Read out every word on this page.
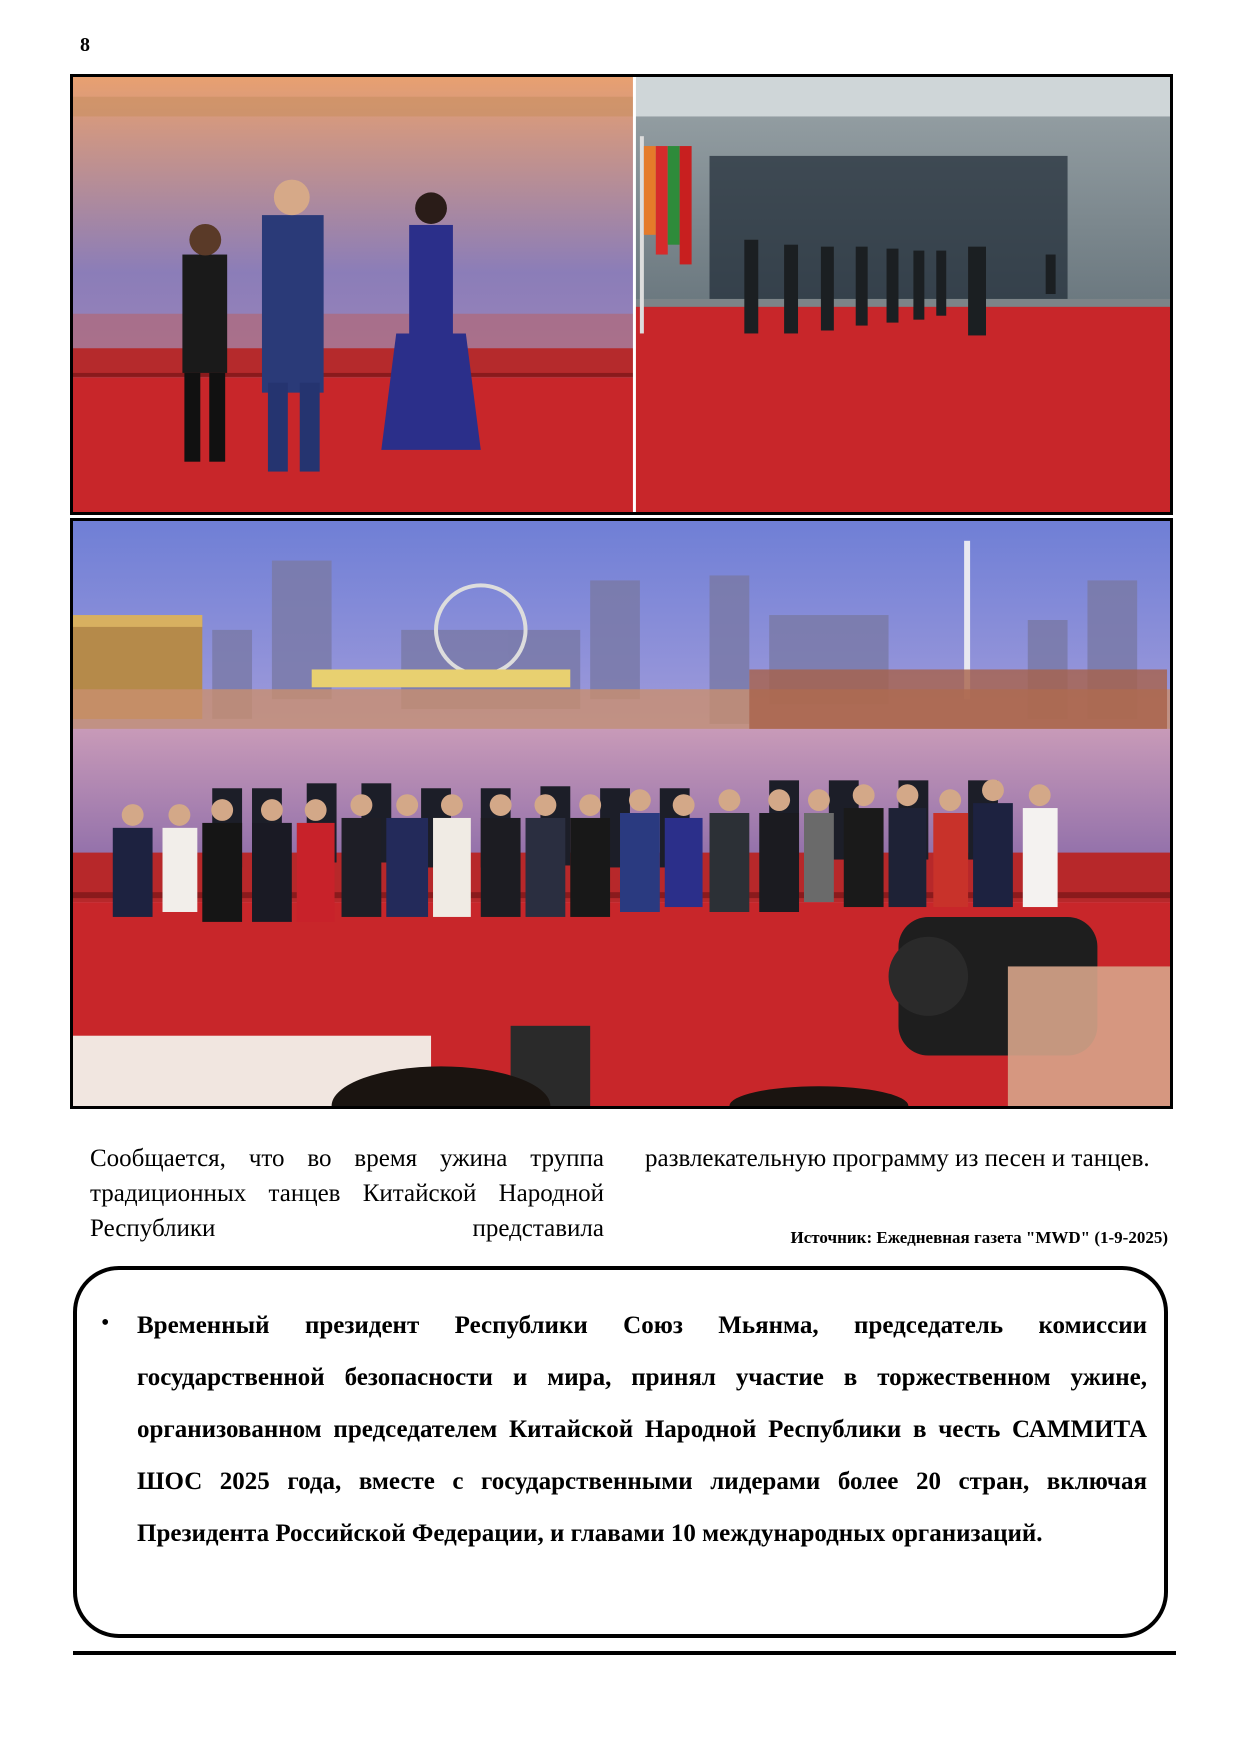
8
Сообщается, что во время ужина труппа традиционных танцев Китайской Народной Республики представила
развлекательную программу из песен и танцев.
Источник: Ежедневная газета "MWD" (1-9-2025)
• Временный президент Республики Союз Мьянма, председатель комиссии государственной безопасности и мира, принял участие в торжественном ужине, организованном председателем Китайской Народной Республики в честь САММИТА ШОС 2025 года, вместе с государственными лидерами более 20 стран, включая Президента Российской Федерации, и главами 10 международных организаций.
